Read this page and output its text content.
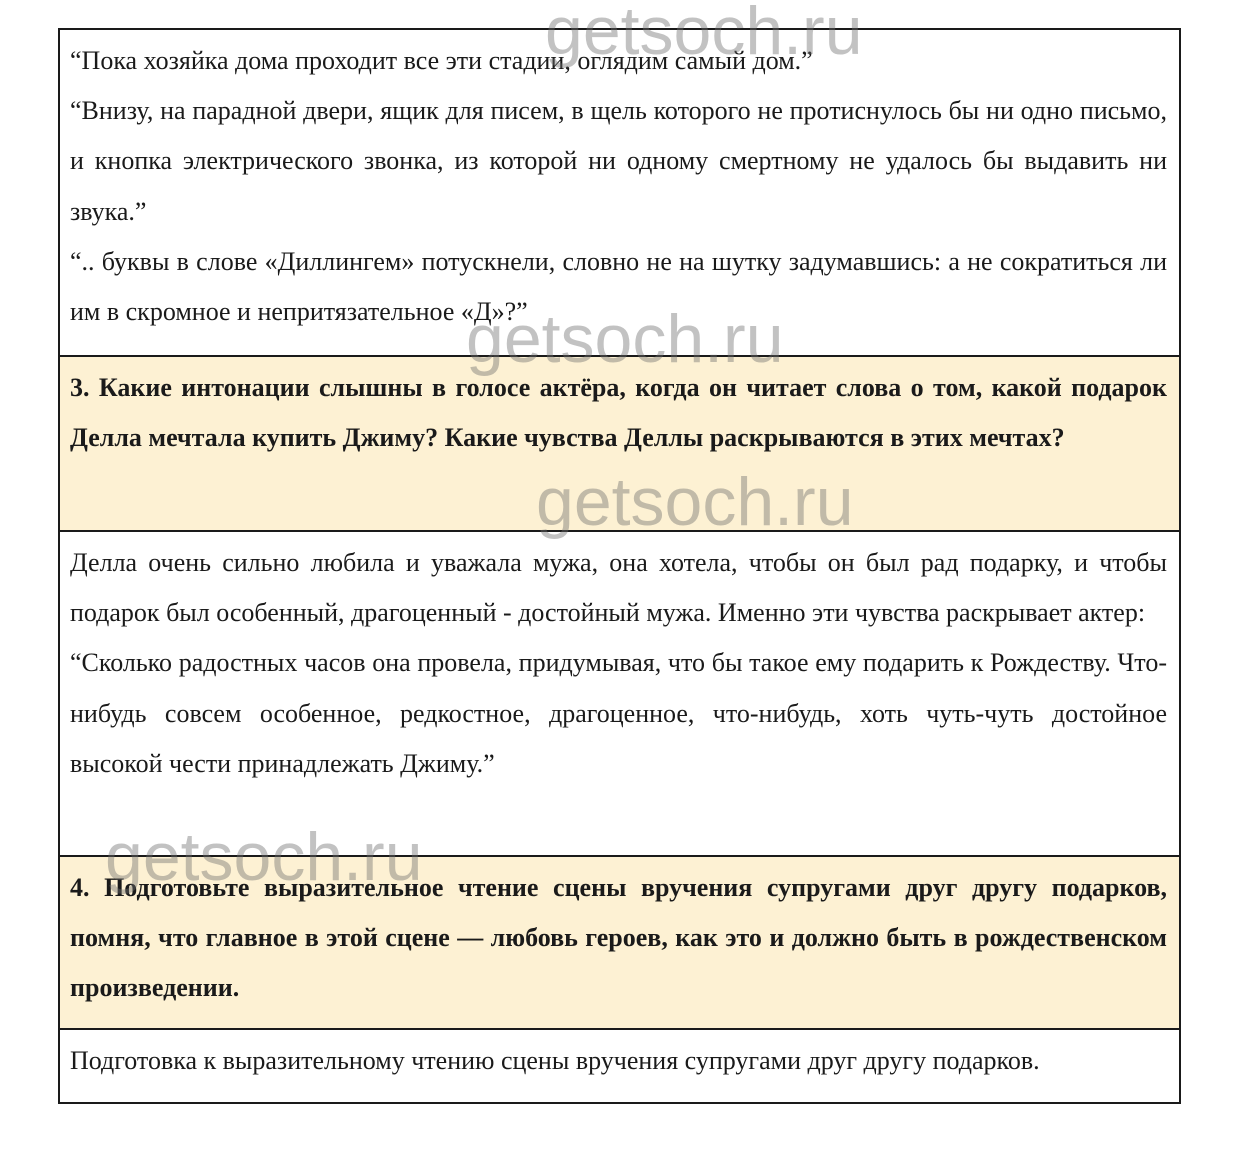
“Пока хозяйка дома проходит все эти стадии, оглядим самый дом.”

“Внизу, на парадной двери, ящик для писем, в щель которого не протиснулось бы ни одно письмо, и кнопка электрического звонка, из которой ни одному смертному не удалось бы выдавить ни звука.”

“.. буквы в слове «Диллингем» потускнели, словно не на шутку задумавшись: а не сократиться ли им в скромное и непритязательное «Д»?”

3. Какие интонации слышны в голосе актёра, когда он читает слова о том, какой подарок Делла мечтала купить Джиму? Какие чувства Деллы раскрываются в этих мечтах?

Делла очень сильно любила и уважала мужа, она хотела, чтобы он был рад подарку, и чтобы подарок был особенный, драгоценный - достойный мужа. Именно эти чувства раскрывает актер:

“Сколько радостных часов она провела, придумывая, что бы такое ему подарить к Рождеству. Что-нибудь совсем особенное, редкостное, драгоценное, что-нибудь, хоть чуть-чуть достойное высокой чести принадлежать Джиму.”

4. Подготовьте выразительное чтение сцены вручения супругами друг другу подарков, помня, что главное в этой сцене — любовь героев, как это и должно быть в рождественском произведении.

Подготовка к выразительному чтению сцены вручения супругами друг другу подарков.

getsoch.ru
getsoch.ru
getsoch.ru
getsoch.ru
